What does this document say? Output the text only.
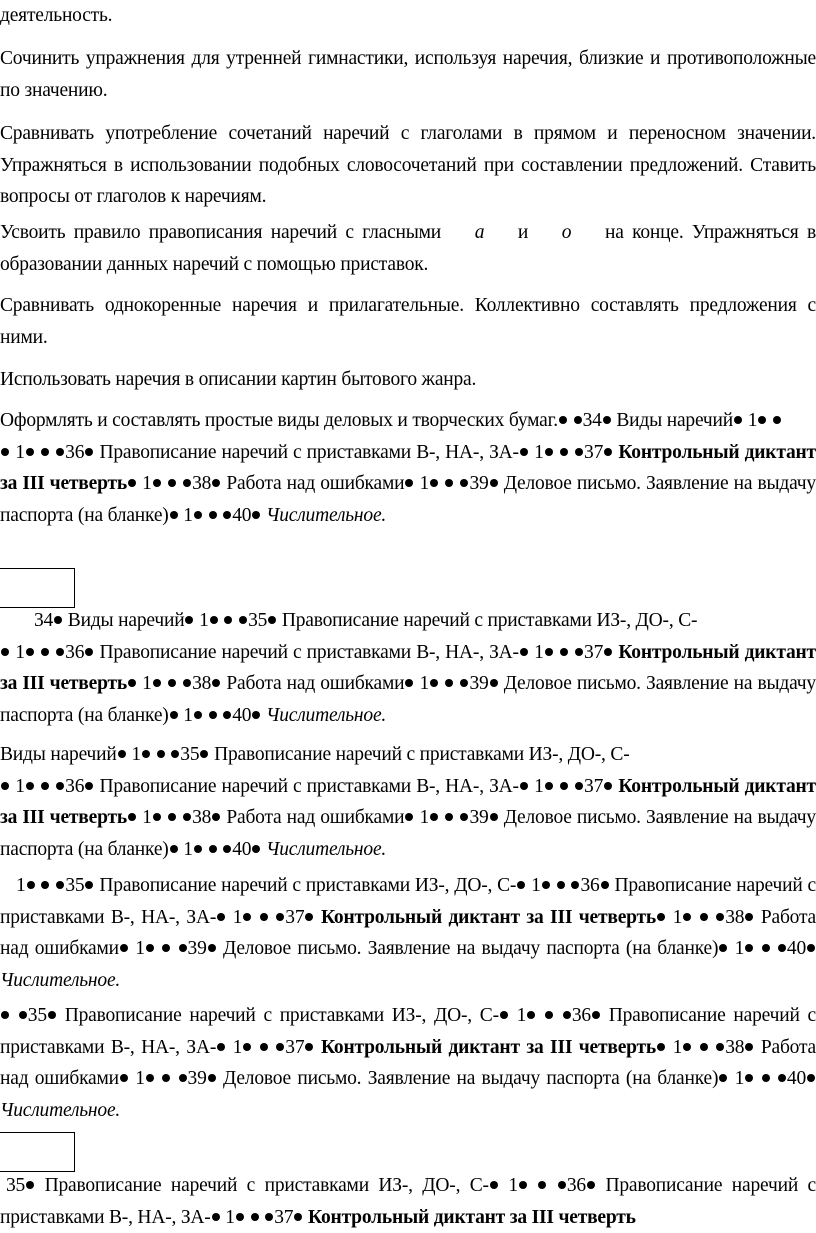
деятельность.

Сочинить упражнения для утренней гимнастики, используя наречия, близкие и противоположные по значению.

Сравнивать употребление сочетаний наречий с глаголами в прямом и переносном значении. Упражняться в использовании подобных словосочетаний при составлении предложений. Ставить вопросы от глаголов к наречиям.

Усвоить правило правописания наречий с гласными а и о на конце. Упражняться в образовании данных наречий с помощью приставок.

Сравнивать однокоренные наречия и прилагательные. Коллективно составлять предложения с ними.

Использовать наречия в описании картин бытового жанра.

Оформлять и составлять простые виды деловых и творческих бумаг. 34 Виды наречий 1
1 36 Правописание наречий с приставками В-, НА-, ЗА- 1 37 Контрольный диктант за III четверть 1 38 Работа над ошибками 1 39 Деловое письмо. Заявление на выдачу паспорта (на бланке) 1 40 Числительное.

34 Виды наречий 1 35 Правописание наречий с приставками ИЗ-, ДО-, С-
1 36 Правописание наречий с приставками В-, НА-, ЗА- 1 37 Контрольный диктант за III четверть 1 38 Работа над ошибками 1 39 Деловое письмо. Заявление на выдачу паспорта (на бланке) 1 40 Числительное.

Виды наречий 1 35 Правописание наречий с приставками ИЗ-, ДО-, С-
1 36 Правописание наречий с приставками В-, НА-, ЗА- 1 37 Контрольный диктант за III четверть 1 38 Работа над ошибками 1 39 Деловое письмо. Заявление на выдачу паспорта (на бланке) 1 40 Числительное.

1 35 Правописание наречий с приставками ИЗ-, ДО-, С- 1 36 Правописание наречий с приставками В-, НА-, ЗА- 1 37 Контрольный диктант за III четверть 1 38 Работа над ошибками 1 39 Деловое письмо. Заявление на выдачу паспорта (на бланке) 1 40 Числительное.

35 Правописание наречий с приставками ИЗ-, ДО-, С- 1 36 Правописание наречий с приставками В-, НА-, ЗА- 1 37 Контрольный диктант за III четверть 1 38 Работа над ошибками 1 39 Деловое письмо. Заявление на выдачу паспорта (на бланке) 1 40 Числительное.

35 Правописание наречий с приставками ИЗ-, ДО-, С- 1	36 Правописание наречий с приставками В-, НА-, ЗА- 1 37 Контрольный диктант за III четверть
